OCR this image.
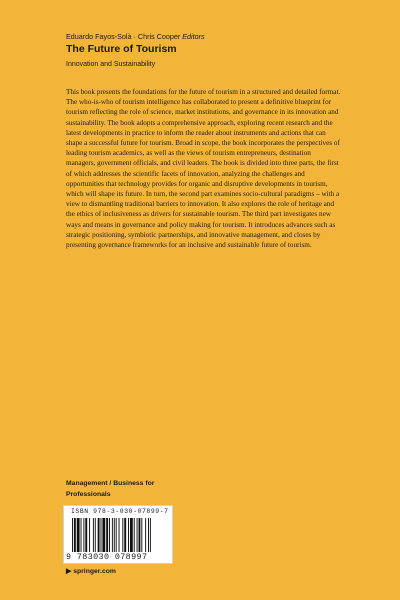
Eduardo Fayos-Solà · Chris Cooper Editors
The Future of Tourism
Innovation and Sustainability

This book presents the foundations for the future of tourism in a structured and detailed format. The who-is-who of tourism intelligence has collaborated to present a definitive blueprint for tourism reflecting the role of science, market institutions, and governance in its innovation and sustainability. The book adopts a comprehensive approach, exploring recent research and the latest developments in practice to inform the reader about instruments and actions that can shape a successful future for tourism. Broad in scope, the book incorporates the perspectives of leading tourism academics, as well as the views of tourism entrepreneurs, destination managers, government officials, and civil leaders. The book is divided into three parts, the first of which addresses the scientific facets of innovation, analyzing the challenges and opportunities that technology provides for organic and disruptive developments in tourism, which will shape its future. In turn, the second part examines socio-cultural paradigms – with a view to dismantling traditional barriers to innovation. It also explores the role of heritage and the ethics of inclusiveness as drivers for sustainable tourism. The third part investigates new ways and means in governance and policy making for tourism. It introduces advances such as strategic positioning, symbiotic partnerships, and innovative management, and closes by presenting governance frameworks for an inclusive and sustainable future of tourism.

Management / Business for
Professionals
ISBN 978-3-030-07899-7
9 783030 078997
▶ springer.com
